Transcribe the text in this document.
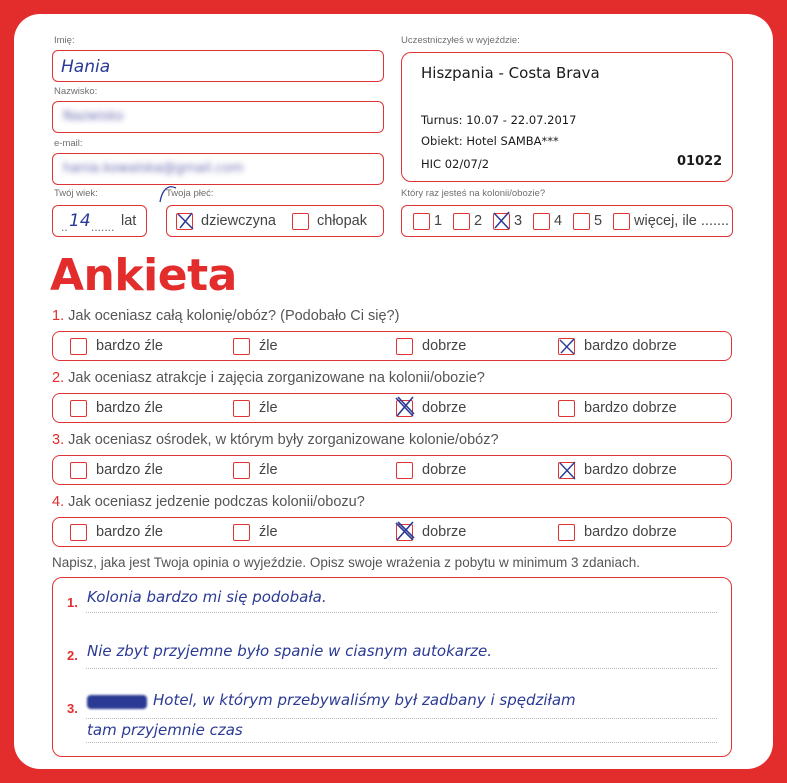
Imię:
Hania
Nazwisko:
Nazwisko
e-mail:
hania.kowalska@gmail.com
Twój wiek:
.. 14 ....... lat
Twoja płeć:
dziewczyna	chłopak
Uczestniczyłeś w wyjeździe:
Hiszpania - Costa Brava
Turnus: 10.07 - 22.07.2017
Obiekt: Hotel SAMBA***
HIC 02/07/2	01022
Który raz jesteś na kolonii/obozie?
1 2 3 4 5 więcej, ile .......
Ankieta
1. Jak oceniasz całą kolonię/obóz? (Podobało Ci się?)
bardzo źle	źle	dobrze	bardzo dobrze
2. Jak oceniasz atrakcje i zajęcia zorganizowane na kolonii/obozie?
bardzo źle	źle	dobrze	bardzo dobrze
3. Jak oceniasz ośrodek, w którym były zorganizowane kolonie/obóz?
bardzo źle	źle	dobrze	bardzo dobrze
4. Jak oceniasz jedzenie podczas kolonii/obozu?
bardzo źle	źle	dobrze	bardzo dobrze
Napisz, jaka jest Twoja opinia o wyjeździe. Opisz swoje wrażenia z pobytu w minimum 3 zdaniach.
1. Kolonia bardzo mi się podobała.
2. Nie zbyt przyjemne było spanie w ciasnym autokarze.
3.	Hotel, w którym przebywaliśmy był zadbany i spędziłam
tam przyjemnie czas
